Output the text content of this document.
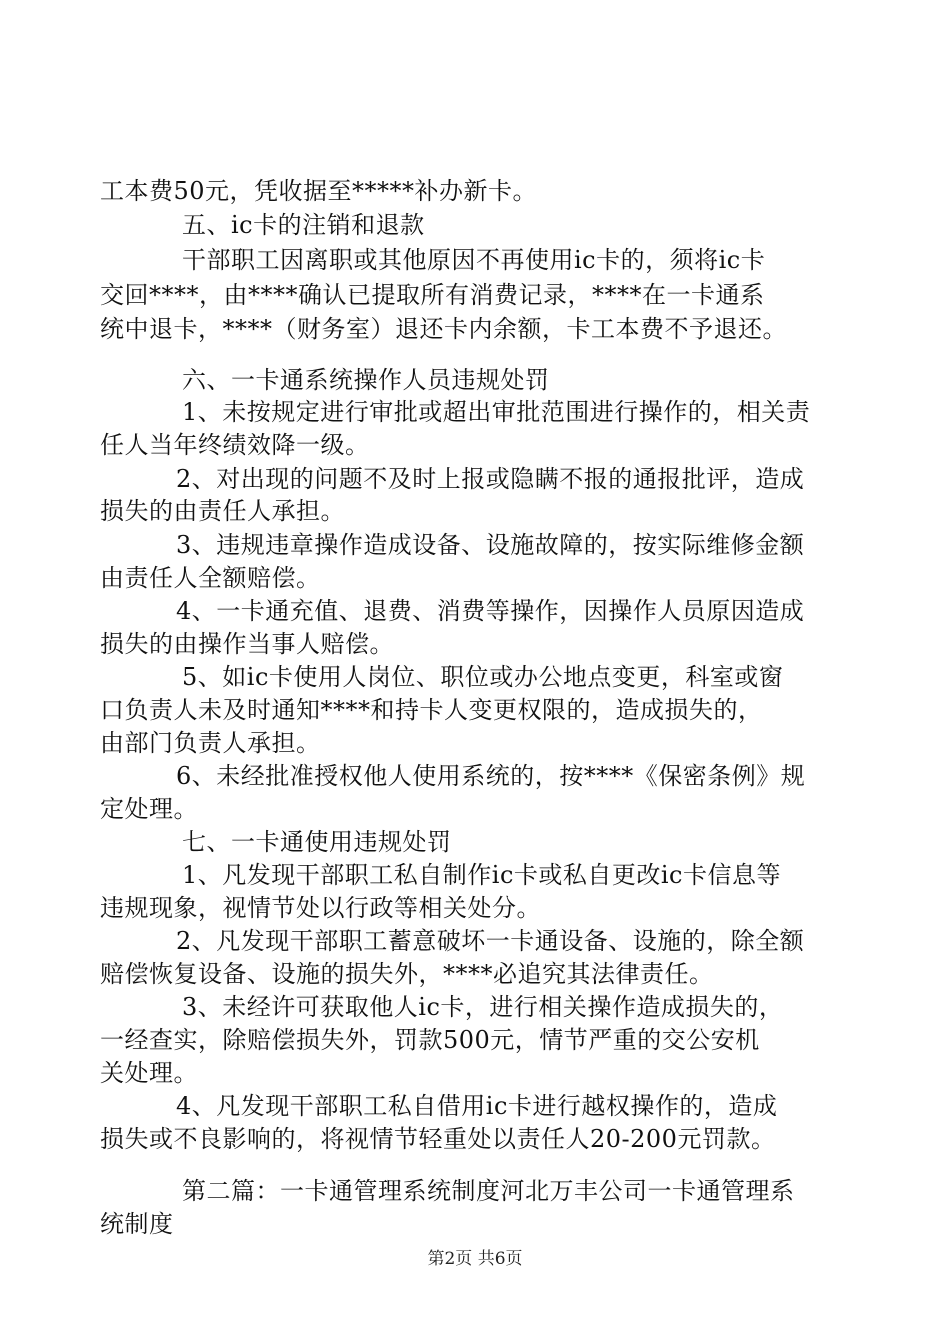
工本费50元，凭收据至*****补办新卡。
五、ic卡的注销和退款
干部职工因离职或其他原因不再使用ic卡的，须将ic卡
交回****，由****确认已提取所有消费记录，****在一卡通系
统中退卡，****（财务室）退还卡内余额，卡工本费不予退还。
六、一卡通系统操作人员违规处罚
1、未按规定进行审批或超出审批范围进行操作的，相关责
任人当年终绩效降一级。
2、对出现的问题不及时上报或隐瞒不报的通报批评，造成
损失的由责任人承担。
3、违规违章操作造成设备、设施故障的，按实际维修金额
由责任人全额赔偿。
4、一卡通充值、退费、消费等操作，因操作人员原因造成
损失的由操作当事人赔偿。
5、如ic卡使用人岗位、职位或办公地点变更，科室或窗
口负责人未及时通知****和持卡人变更权限的，造成损失的，
由部门负责人承担。
6、未经批准授权他人使用系统的，按****《保密条例》规
定处理。
七、一卡通使用违规处罚
1、凡发现干部职工私自制作ic卡或私自更改ic卡信息等
违规现象，视情节处以行政等相关处分。
2、凡发现干部职工蓄意破坏一卡通设备、设施的，除全额
赔偿恢复设备、设施的损失外，****必追究其法律责任。
3、未经许可获取他人ic卡，进行相关操作造成损失的，
一经查实，除赔偿损失外，罚款500元，情节严重的交公安机
关处理。
4、凡发现干部职工私自借用ic卡进行越权操作的，造成
损失或不良影响的，将视情节轻重处以责任人20-200元罚款。
第二篇：一卡通管理系统制度河北万丰公司一卡通管理系
统制度
第2页 共6页
